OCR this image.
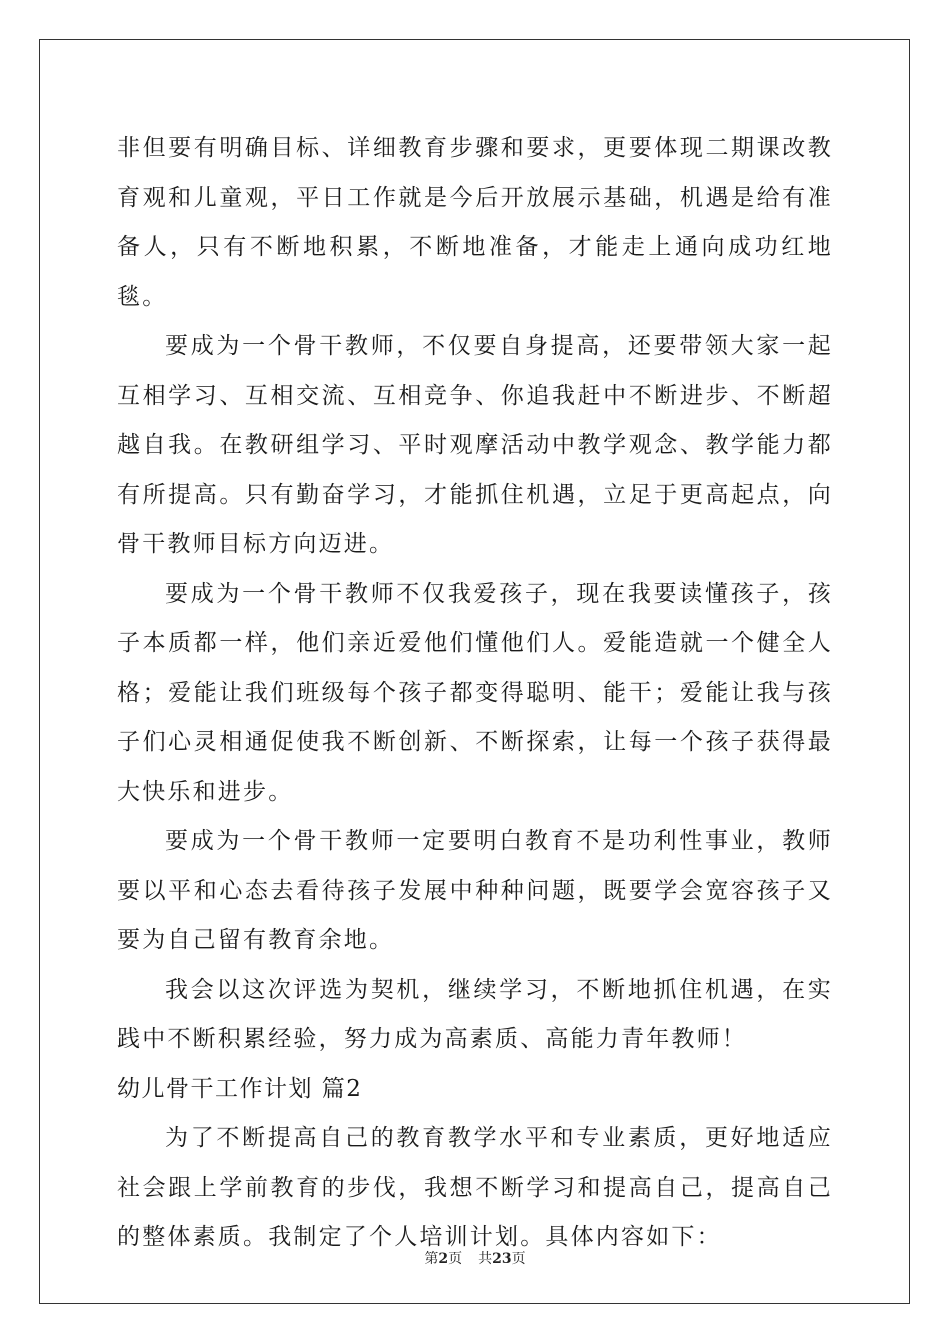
非但要有明确目标、详细教育步骤和要求，更要体现二期课改教育观和儿童观，平日工作就是今后开放展示基础，机遇是给有准备人，只有不断地积累，不断地准备，才能走上通向成功红地毯。

要成为一个骨干教师，不仅要自身提高，还要带领大家一起互相学习、互相交流、互相竞争、你追我赶中不断进步、不断超越自我。在教研组学习、平时观摩活动中教学观念、教学能力都有所提高。只有勤奋学习，才能抓住机遇，立足于更高起点，向骨干教师目标方向迈进。

要成为一个骨干教师不仅我爱孩子，现在我要读懂孩子，孩子本质都一样，他们亲近爱他们懂他们人。爱能造就一个健全人格；爱能让我们班级每个孩子都变得聪明、能干；爱能让我与孩子们心灵相通促使我不断创新、不断探索，让每一个孩子获得最大快乐和进步。

要成为一个骨干教师一定要明白教育不是功利性事业，教师要以平和心态去看待孩子发展中种种问题，既要学会宽容孩子又要为自己留有教育余地。

我会以这次评选为契机，继续学习，不断地抓住机遇，在实践中不断积累经验，努力成为高素质、高能力青年教师！

幼儿骨干工作计划 篇2

为了不断提高自己的教育教学水平和专业素质，更好地适应社会跟上学前教育的步伐，我想不断学习和提高自己，提高自己的整体素质。我制定了个人培训计划。具体内容如下：

第2页 共23页
